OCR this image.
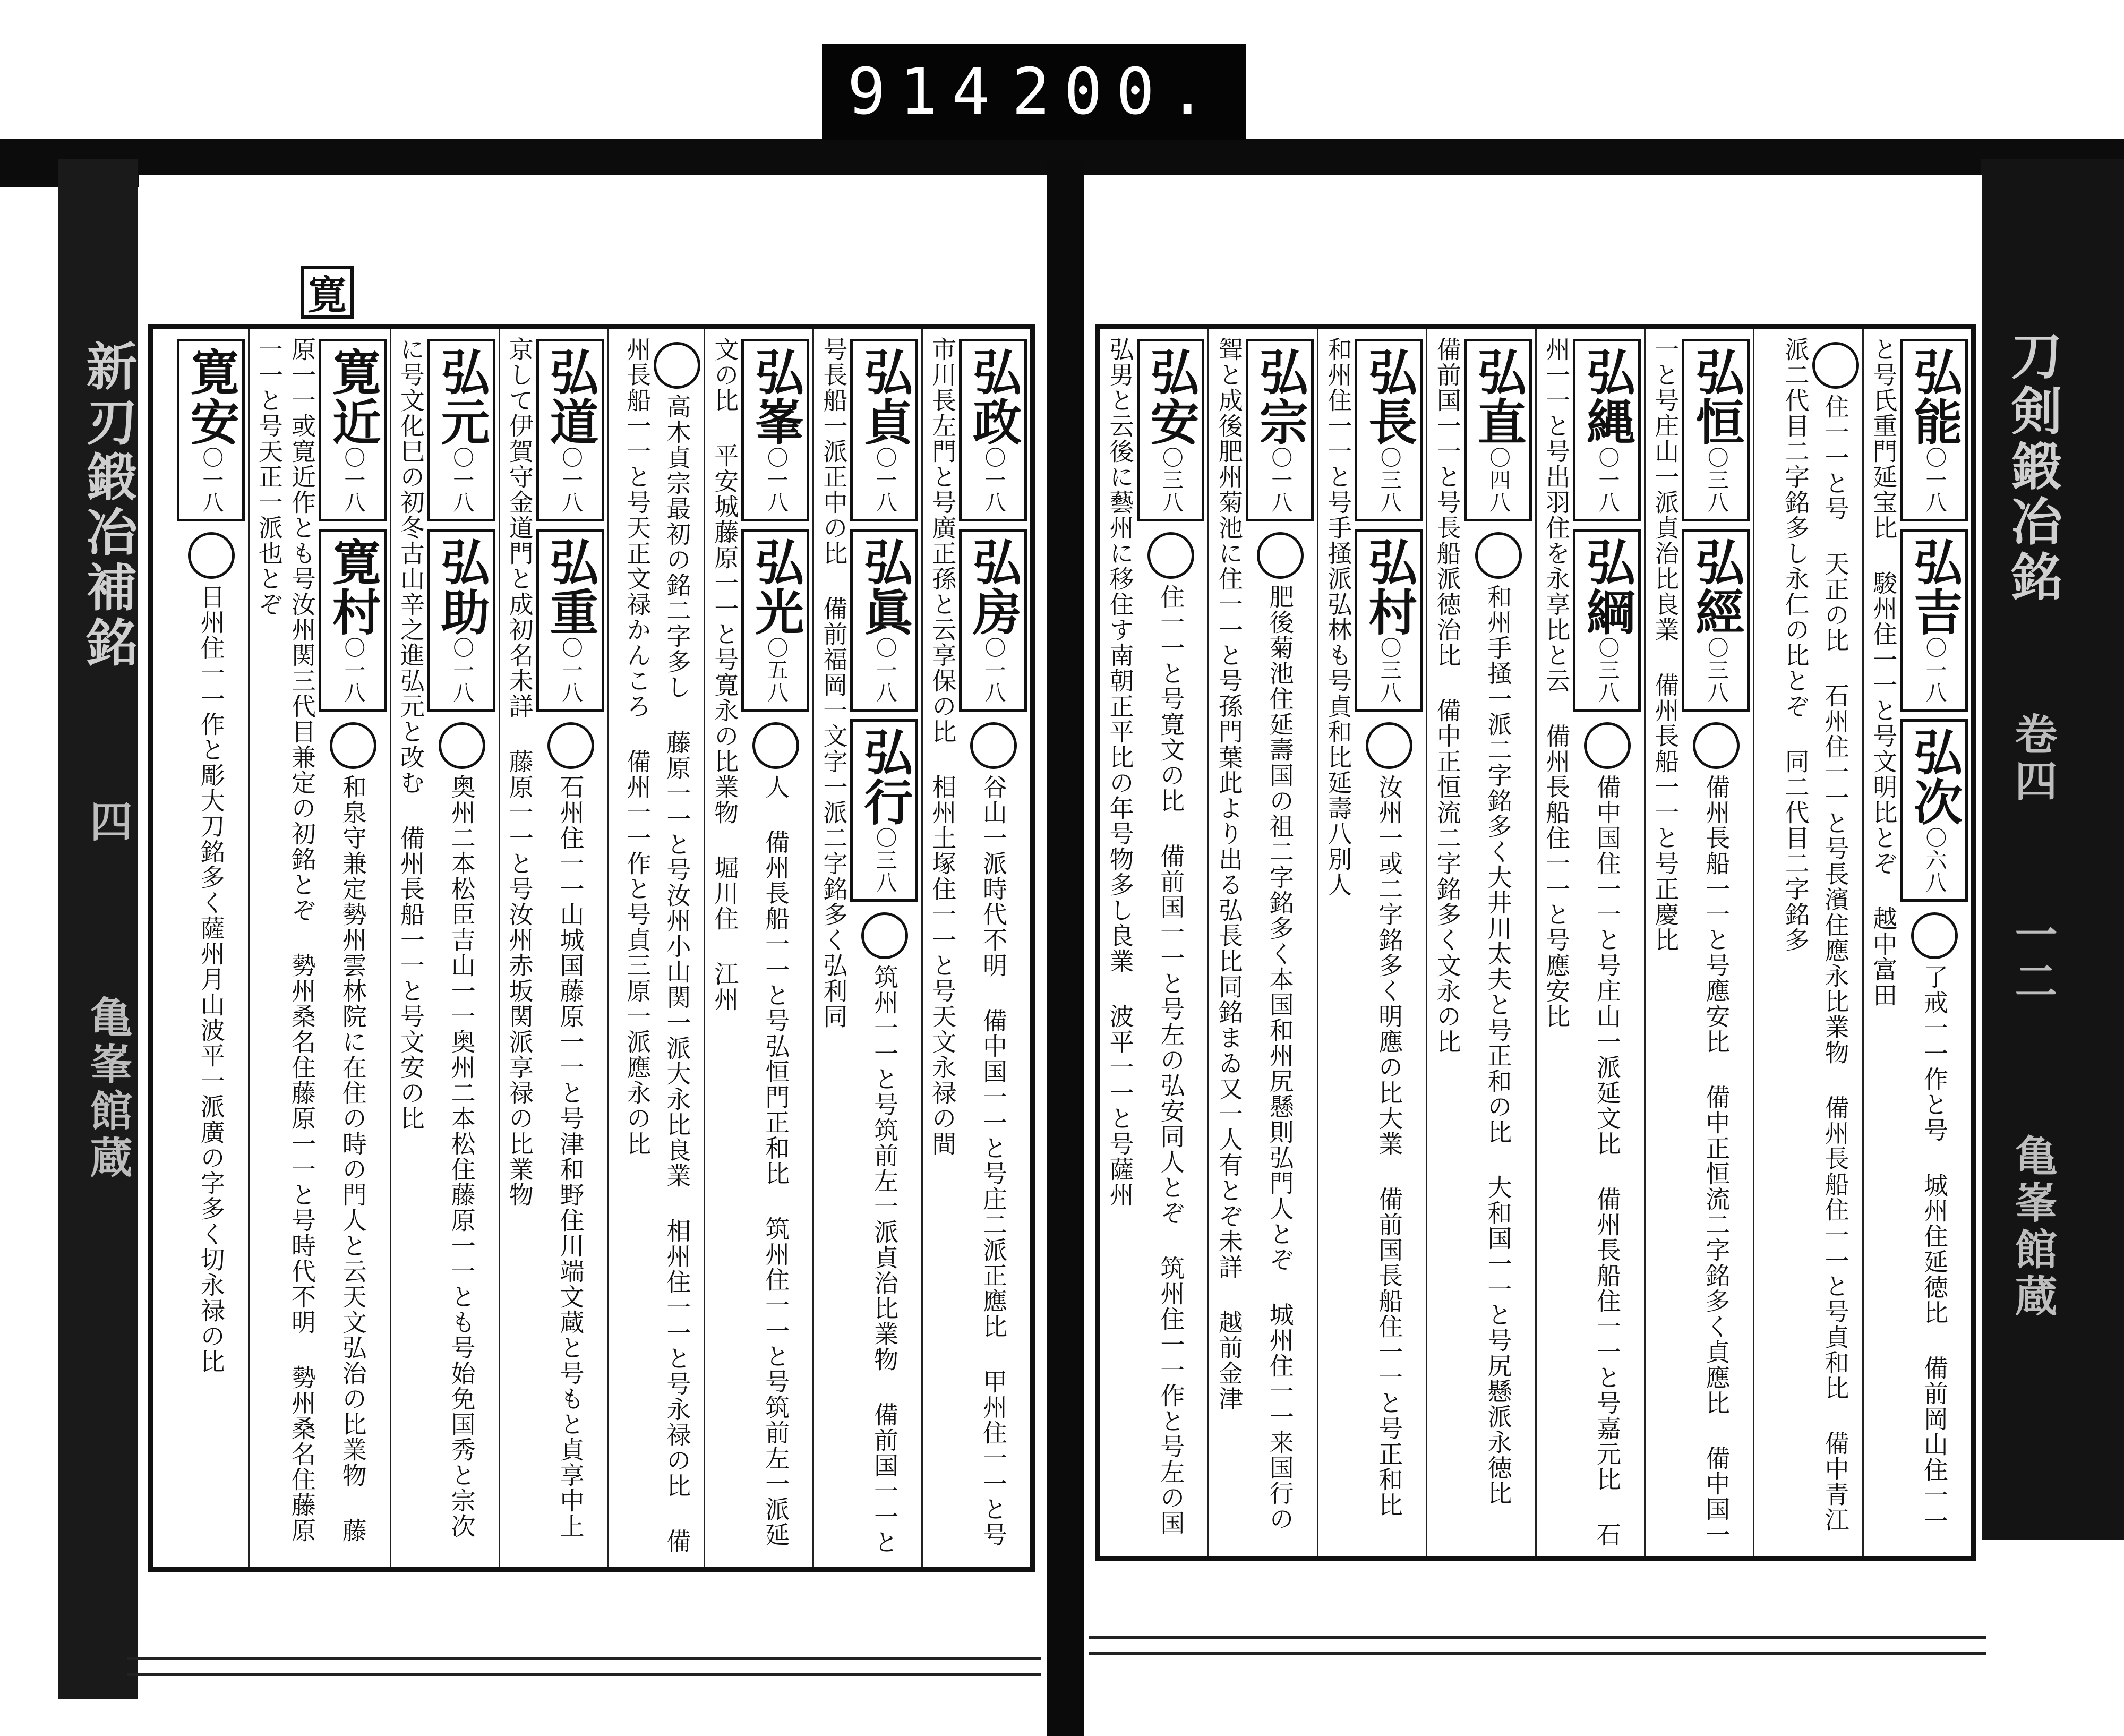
新刃鍛冶補銘 四 亀峯館蔵
刀剣鍛冶銘 卷四 一二 亀峯館蔵
914 200.
寛
弘能〇一八弘吉〇一八弘次〇六八了戒一一作と号 城州住延徳比 備前岡山住一一と号氏重門延宝比 駿州住一一と号文明比とぞ 越中富田
住一一と号 天正の比 石州住一一と号長濱住應永比業物 備州長船住一一と号貞和比 備中青江派二代目二字銘多し永仁の比とぞ 同二代目二字銘多
弘恒〇三八弘經〇三八備州長船一一と号應安比 備中正恒流二字銘多く貞應比 備中国一一と号庄山一派貞治比良業 備州長船一一と号正慶比
弘縄〇一八弘綱〇三八備中国住一一と号庄山一派延文比 備州長船住一一と号嘉元比 石州一一と号出羽住を永享比と云 備州長船住一一と号應安比
弘直〇四八和州手掻一派二字銘多く大井川太夫と号正和の比 大和国一一と号尻懸派永徳比 備前国一一と号長船派徳治比 備中正恒流二字銘多く文永の比
弘長〇三八弘村〇三八汝州一或二字銘多く明應の比大業 備前国長船住一一と号正和比 和州住一一と号手掻派弘林も号貞和比延壽八別人
弘宗〇一八肥後菊池住延壽国の祖二字銘多く本国和州尻懸則弘門人とぞ 城州住一一来国行の聟と成後肥州菊池に住一一と号孫門葉此より出る弘長比同銘まゐ又一人有とぞ未詳 越前金津
弘安〇三八住一一と号寛文の比 備前国一一と号左の弘安同人とぞ 筑州住一一作と号左の国弘男と云後に藝州に移住す南朝正平比の年号物多し良業 波平一一と号薩州
弘政〇一八弘房〇一八谷山一派時代不明 備中国一一と号庄二派正應比 甲州住一一と号市川長左門と号廣正孫と云享保の比 相州土塚住一一と号天文永禄の間
弘貞〇一八弘眞〇一八弘行〇三八筑州一一と号筑前左一派貞治比業物 備前国一一と号長船一派正中の比 備前福岡一文字一派二字銘多く弘利同
弘峯〇一八弘光〇五八人 備州長船一一と号弘恒門正和比 筑州住一一と号筑前左一派延文の比 平安城藤原一一と号寛永の比業物 堀川住 江州
高木貞宗最初の銘二字多し 藤原一一と号汝州小山関一派大永比良業 相州住一一と号永禄の比 備州長船一一と号天正文禄かんころ 備州一一作と号貞三原一派應永の比
弘道〇一八弘重〇一八石州住一一山城国藤原一一と号津和野住川端文蔵と号もと貞享中上京して伊賀守金道門と成初名未詳 藤原一一と号汝州赤坂関派享禄の比業物
弘元〇一八弘助〇一八奥州二本松臣吉山一一奥州二本松住藤原一一とも号始免国秀と宗次に号文化巳の初冬古山辛之進弘元と改む 備州長船一一と号文安の比
寛近〇一八寛村〇一八和泉守兼定勢州雲林院に在住の時の門人と云天文弘治の比業物 藤原一一或寛近作とも号汝州関三代目兼定の初銘とぞ 勢州桑名住藤原一一と号時代不明 勢州桑名住藤原一一と号天正一派也とぞ
寛安〇一八日州住一一作と彫大刀銘多く薩州月山波平一派廣の字多く切永禄の比
